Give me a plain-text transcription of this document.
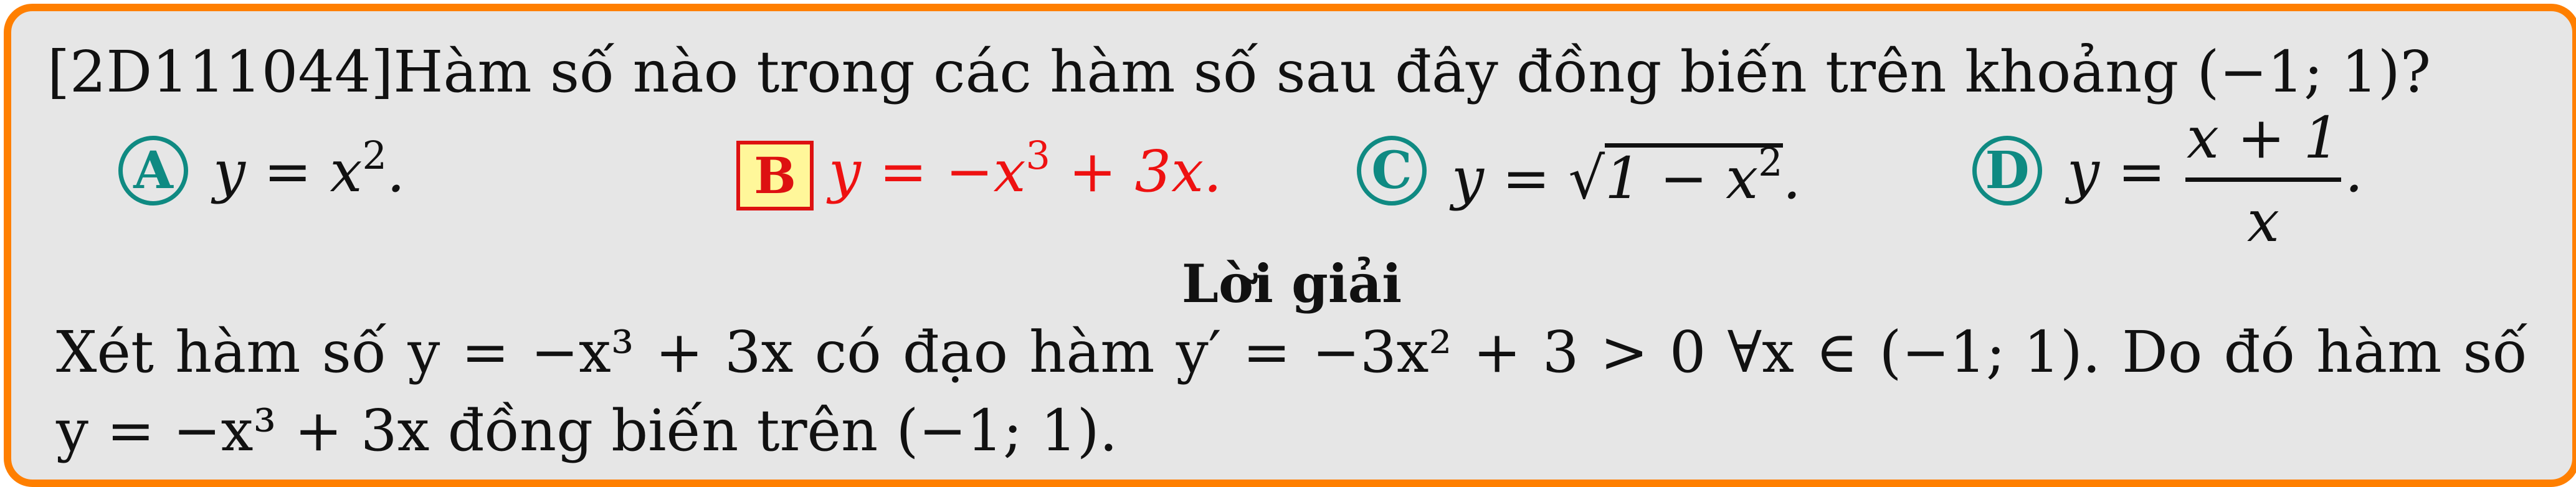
[2D111044]Hàm số nào trong các hàm số sau đây đồng biến trên khoảng (−1; 1)?
A $y = x^2$.	B $y = -x^3 + 3x$.	C $y = √1 - x^2$.	D y =
x + 1
x
.
Lời giải
Xét hàm số y = −x³ + 3x có đạo hàm y′ = −3x² + 3 > 0 ∀x ∈ (−1; 1). Do đó hàm số
y = −x³ + 3x đồng biến trên (−1; 1).
